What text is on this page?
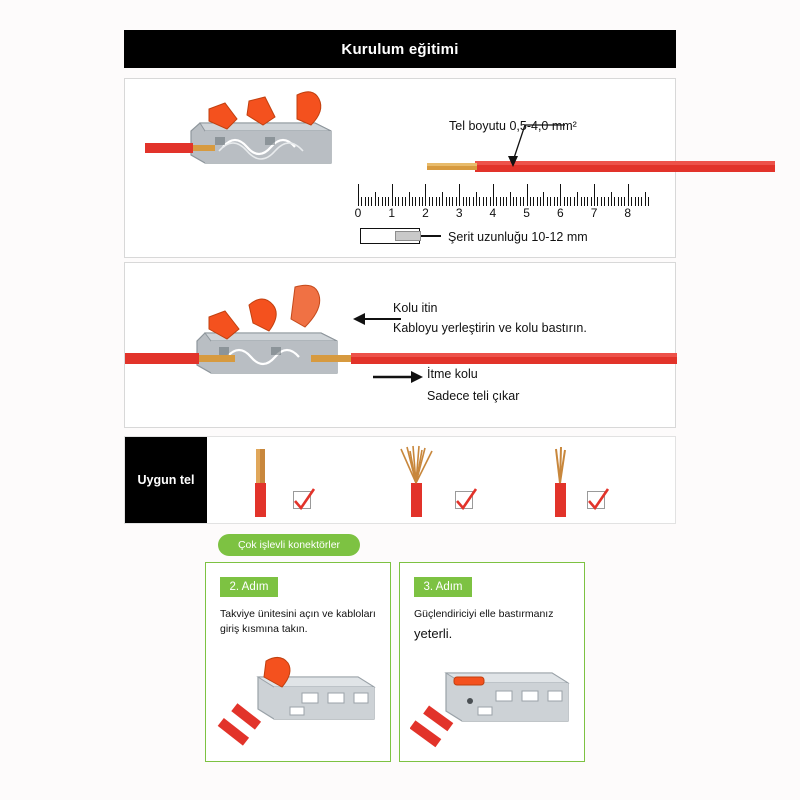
Kurulum eğitimi
Tel boyutu 0,5-4,0 mm²
0 1 2 3 4 5 6 7 8
Şerit uzunluğu 10-12 mm
Kolu itin
Kabloyu yerleştirin ve kolu bastırın.
İtme kolu
Sadece teli çıkar
Uygun tel
Çok işlevli konektörler
2. Adım
Takviye ünitesini açın ve kabloları giriş kısmına takın.
3. Adım
Güçlendiriciyi elle bastırmanız
yeterli.
